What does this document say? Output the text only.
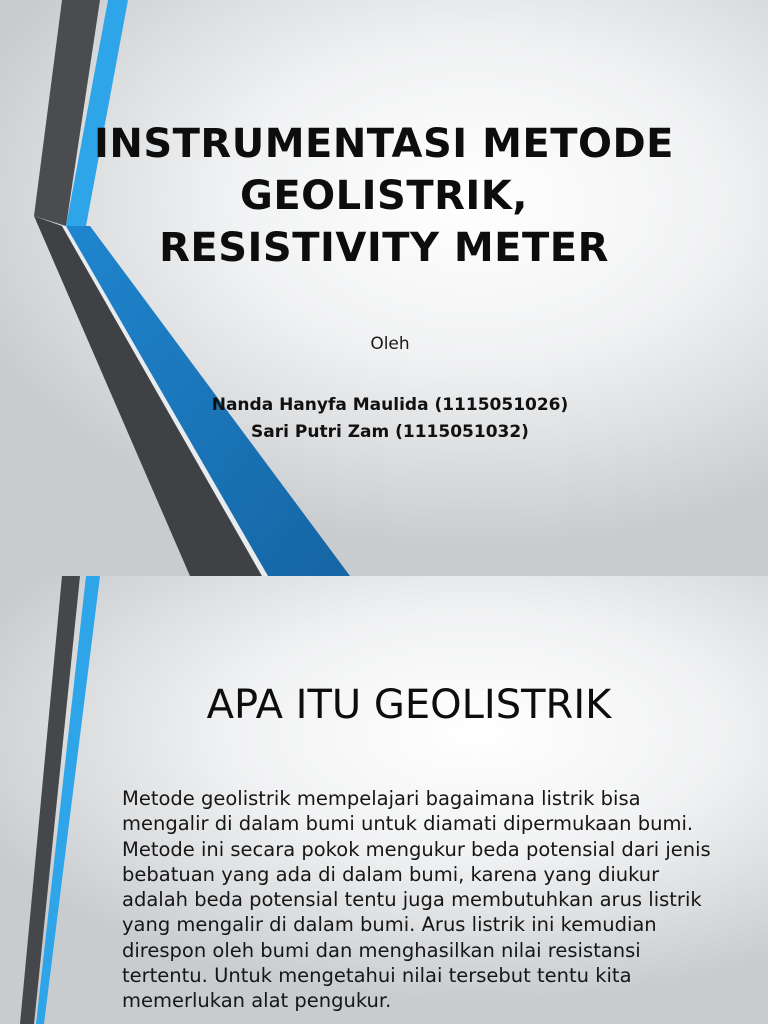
INSTRUMENTASI METODE
GEOLISTRIK,
RESISTIVITY METER
Oleh
Nanda Hanyfa Maulida (1115051026)
Sari Putri Zam (1115051032)
APA ITU GEOLISTRIK

Metode geolistrik mempelajari bagaimana listrik bisa mengalir di dalam bumi untuk diamati dipermukaan bumi. Metode ini secara pokok mengukur beda potensial dari jenis bebatuan yang ada di dalam bumi, karena yang diukur adalah beda potensial tentu juga membutuhkan arus listrik yang mengalir di dalam bumi. Arus listrik ini kemudian direspon oleh bumi dan menghasilkan nilai resistansi tertentu. Untuk mengetahui nilai tersebut tentu kita memerlukan alat pengukur.
